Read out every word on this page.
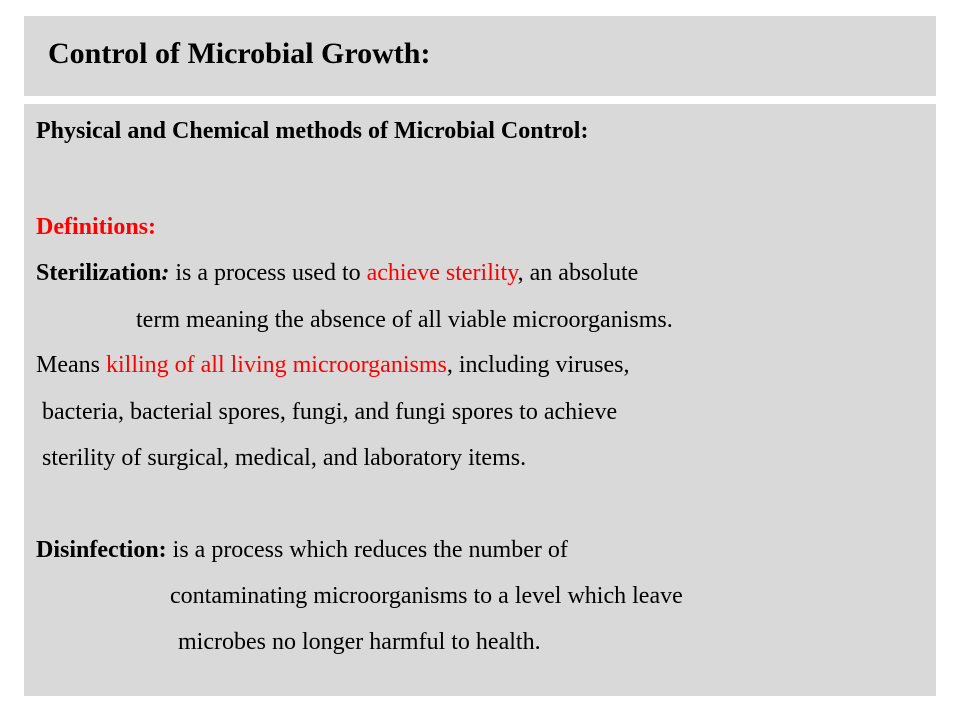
Control of Microbial Growth:
Physical and Chemical methods of Microbial Control:
Definitions:
Sterilization: is a process used to achieve sterility, an absolute
term meaning the absence of all viable microorganisms.
Means killing of all living microorganisms, including viruses,
bacteria, bacterial spores, fungi, and fungi spores to achieve
sterility of surgical, medical, and laboratory items.
Disinfection: is a process which reduces the number of
contaminating microorganisms to a level which leave
microbes no longer harmful to health.
